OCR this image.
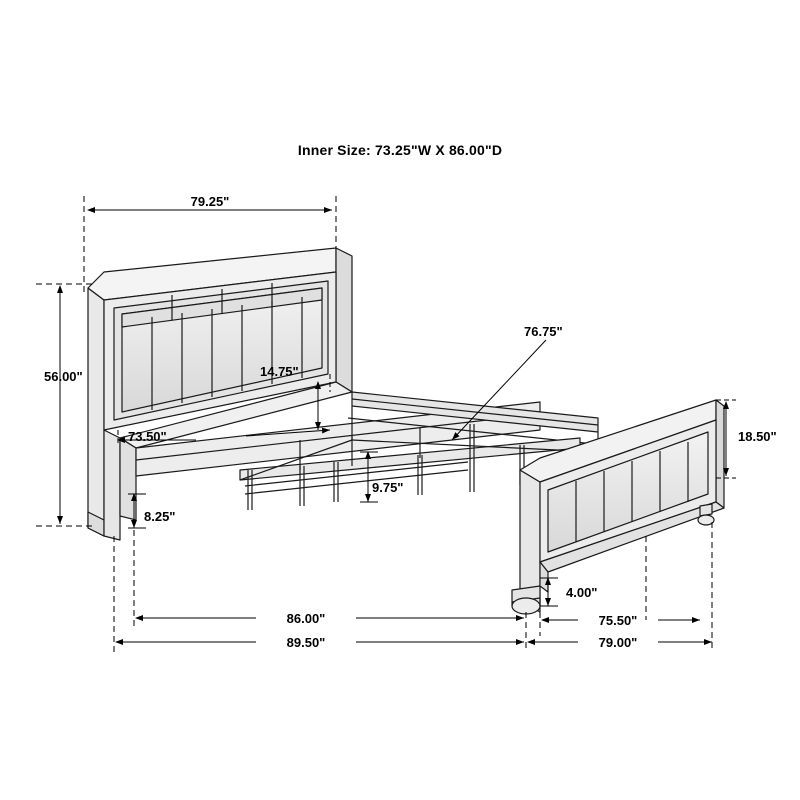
Inner Size: 73.25"W X 86.00"D
79.25"
56.00"
73.50"
14.75"
8.25"
9.75"
76.75"
18.50"
4.00"
86.00"
89.50"
75.50"
79.00"
